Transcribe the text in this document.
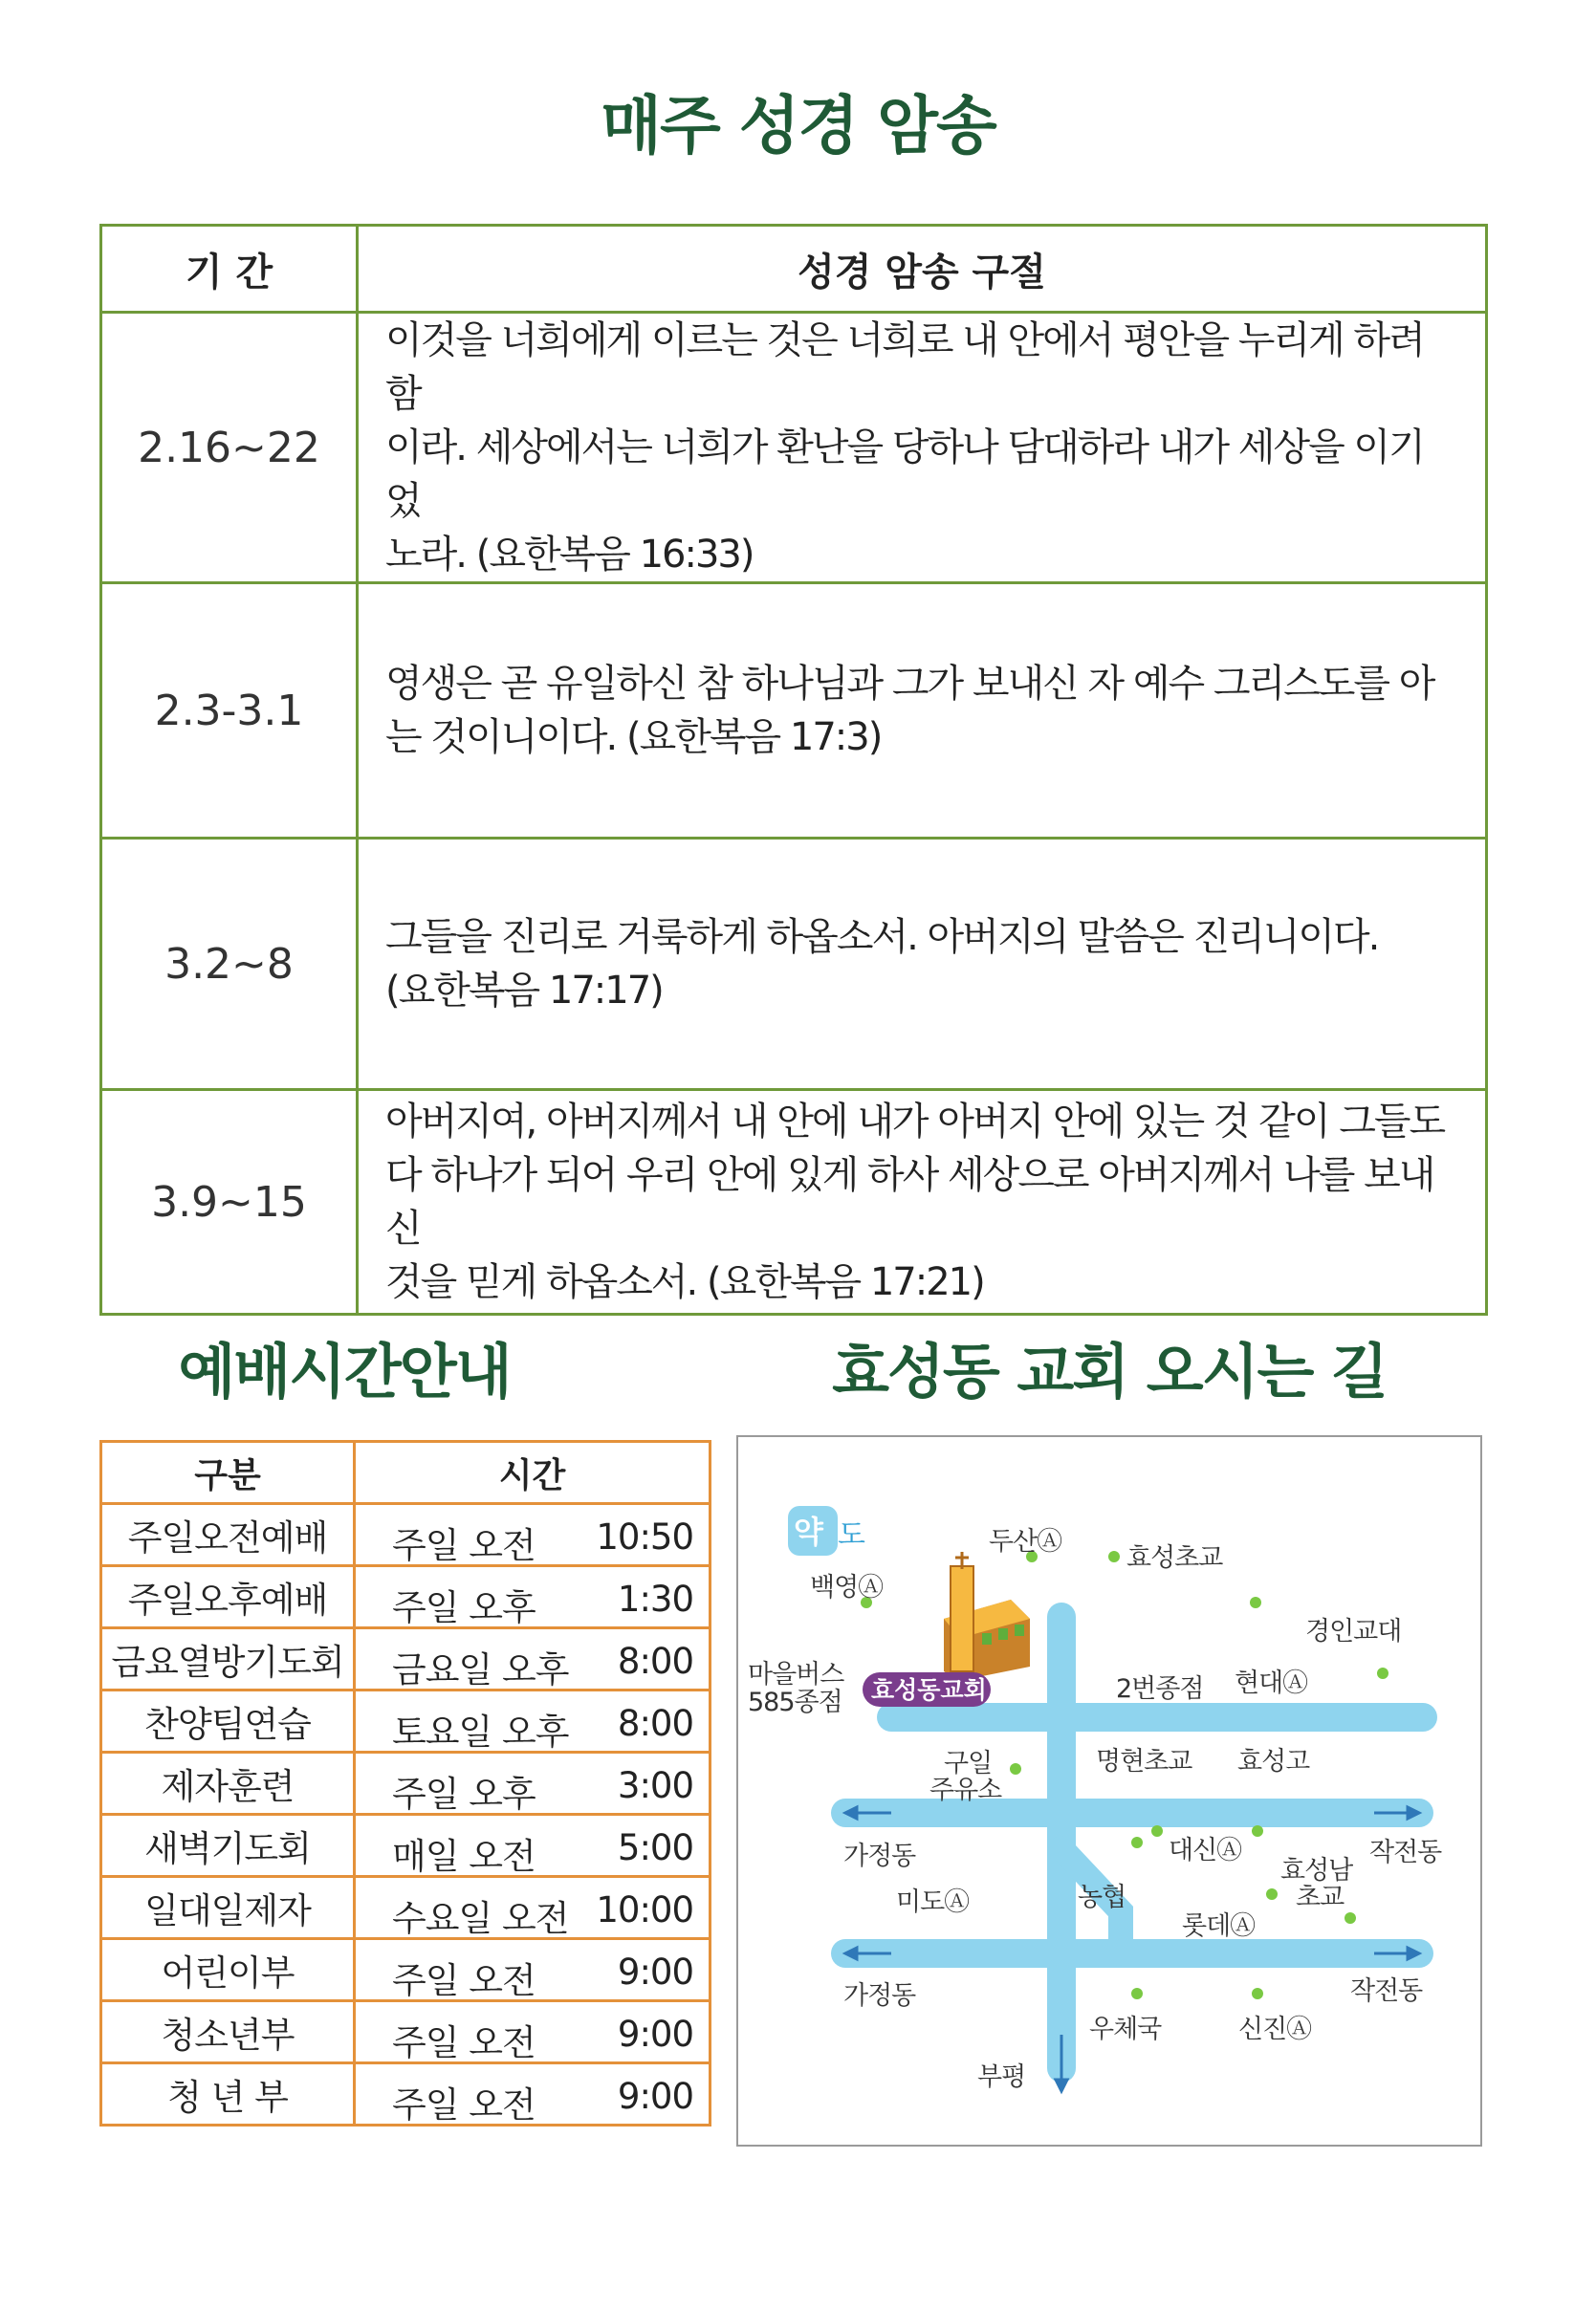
매주 성경 암송
기 간	성경 암송 구절
2.16~22	이것을 너희에게 이르는 것은 너희로 내 안에서 평안을 누리게 하려 함
이라. 세상에서는 너희가 환난을 당하나 담대하라 내가 세상을 이기었
노라. (요한복음 16:33)

2.3-3.1	영생은 곧 유일하신 참 하나님과 그가 보내신 자 예수 그리스도를 아
는 것이니이다. (요한복음 17:3)

3.2~8	그들을 진리로 거룩하게 하옵소서. 아버지의 말씀은 진리니이다.
(요한복음 17:17)

3.9~15	아버지여, 아버지께서 내 안에 내가 아버지 안에 있는 것 같이 그들도
다 하나가 되어 우리 안에 있게 하사 세상으로 아버지께서 나를 보내신
것을 믿게 하옵소서. (요한복음 17:21)
예배시간안내	효성동 교회 오시는 길
구분	시간
주일오전예배	주일 오전 10:50

주일오후예배	주일 오후 1:30

금요열방기도회	금요일 오후 8:00

찬양팀연습	토요일 오후 8:00

제자훈련	주일 오후 3:00

새벽기도회	매일 오전 5:00

일대일제자	수요일 오전 10:00

어린이부	주일 오전 9:00

청소년부	주일 오전 9:00

청 년 부	주일 오전 9:00
약 도
효성동교회
두산Ⓐ
효성초교
백영Ⓐ
경인교대
마을버스
585종점	2번종점 현대Ⓐ
구일
주유소
명현초교 효성고
가정동	작전동
대신Ⓐ
효성남
초교
미도Ⓐ	농협
롯데Ⓐ
가정동	작전동
우체국	신진Ⓐ
부평
